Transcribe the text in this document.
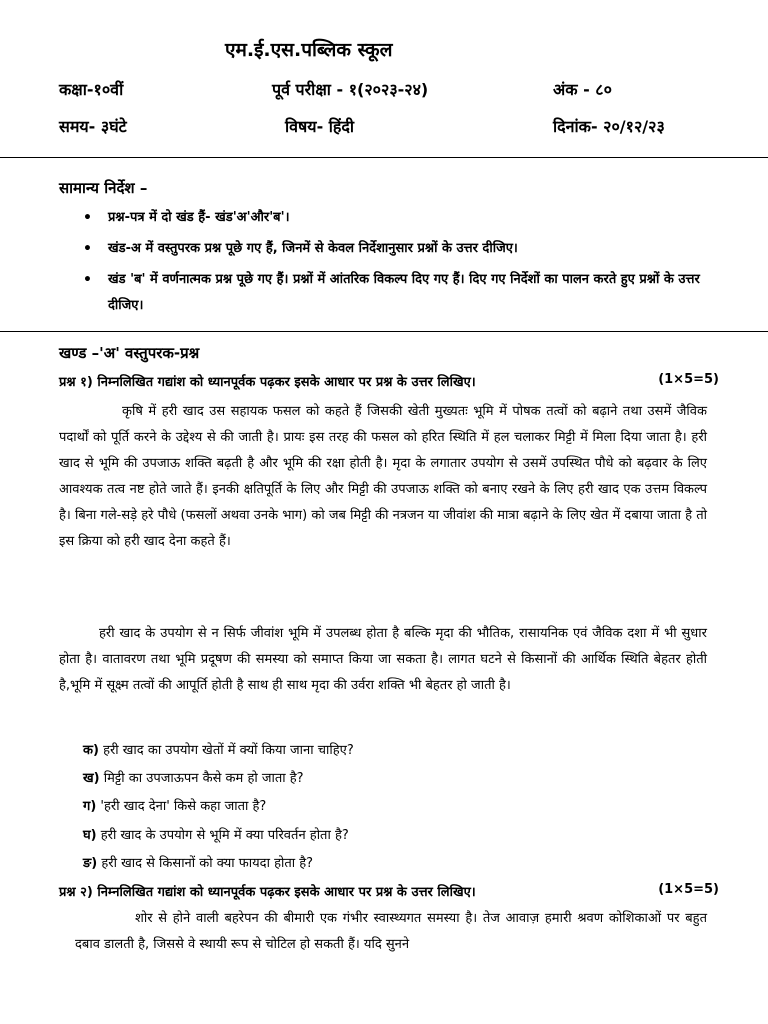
एम.ई.एस.पब्लिक स्कूल
कक्षा-१०वीं	पूर्व परीक्षा - १(२०२३-२४)	अंक - ८०
समय- ३घंटे	विषय- हिंदी	दिनांक- २०/१२/२३
सामान्य निर्देश –
• प्रश्न-पत्र में दो खंड हैं- खंड'अ'और'ब'।
• खंड-अ में वस्तुपरक प्रश्न पूछे गए हैं, जिनमें से केवल निर्देशानुसार प्रश्नों के उत्तर दीजिए।
• खंड 'ब' में वर्णनात्मक प्रश्न पूछे गए हैं। प्रश्नों में आंतरिक विकल्प दिए गए हैं। दिए गए निर्देशों का पालन करते हुए प्रश्नों के उत्तर दीजिए।
खण्ड –'अ' वस्तुपरक-प्रश्न
प्रश्न १) निम्नलिखित गद्यांश को ध्यानपूर्वक पढ़कर इसके आधार पर प्रश्न के उत्तर लिखिए।	(1×5=5)

कृषि में हरी खाद उस सहायक फसल को कहते हैं जिसकी खेती मुख्यतः भूमि में पोषक तत्वों को बढ़ाने तथा उसमें जैविक पदार्थों को पूर्ति करने के उद्देश्य से की जाती है। प्रायः इस तरह की फसल को हरित स्थिति में हल चलाकर मिट्टी में मिला दिया जाता है। हरी खाद से भूमि की उपजाऊ शक्ति बढ़ती है और भूमि की रक्षा होती है। मृदा के लगातार उपयोग से उसमें उपस्थित पौधे को बढ़वार के लिए आवश्यक तत्व नष्ट होते जाते हैं। इनकी क्षतिपूर्ति के लिए और मिट्टी की उपजाऊ शक्ति को बनाए रखने के लिए हरी खाद एक उत्तम विकल्प है। बिना गले-सड़े हरे पौधे (फसलों अथवा उनके भाग) को जब मिट्टी की नत्रजन या जीवांश की मात्रा बढ़ाने के लिए खेत में दबाया जाता है तो इस क्रिया को हरी खाद देना कहते हैं।

हरी खाद के उपयोग से न सिर्फ जीवांश भूमि में उपलब्ध होता है बल्कि मृदा की भौतिक, रासायनिक एवं जैविक दशा में भी सुधार होता है। वातावरण तथा भूमि प्रदूषण की समस्या को समाप्त किया जा सकता है। लागत घटने से किसानों की आर्थिक स्थिति बेहतर होती है,भूमि में सूक्ष्म तत्वों की आपूर्ति होती है साथ ही साथ मृदा की उर्वरा शक्ति भी बेहतर हो जाती है।

क) हरी खाद का उपयोग खेतों में क्यों किया जाना चाहिए?
ख) मिट्टी का उपजाऊपन कैसे कम हो जाता है?
ग) 'हरी खाद देना' किसे कहा जाता है?
घ) हरी खाद के उपयोग से भूमि में क्या परिवर्तन होता है?
ङ) हरी खाद से किसानों को क्या फायदा होता है?
प्रश्न २) निम्नलिखित गद्यांश को ध्यानपूर्वक पढ़कर इसके आधार पर प्रश्न के उत्तर लिखिए।	(1×5=5)

शोर से होने वाली बहरेपन की बीमारी एक गंभीर स्वास्थ्यगत समस्या है। तेज आवाज़ हमारी श्रवण कोशिकाओं पर बहुत दबाव डालती है, जिससे वे स्थायी रूप से चोटिल हो सकती हैं। यदि सुनने
